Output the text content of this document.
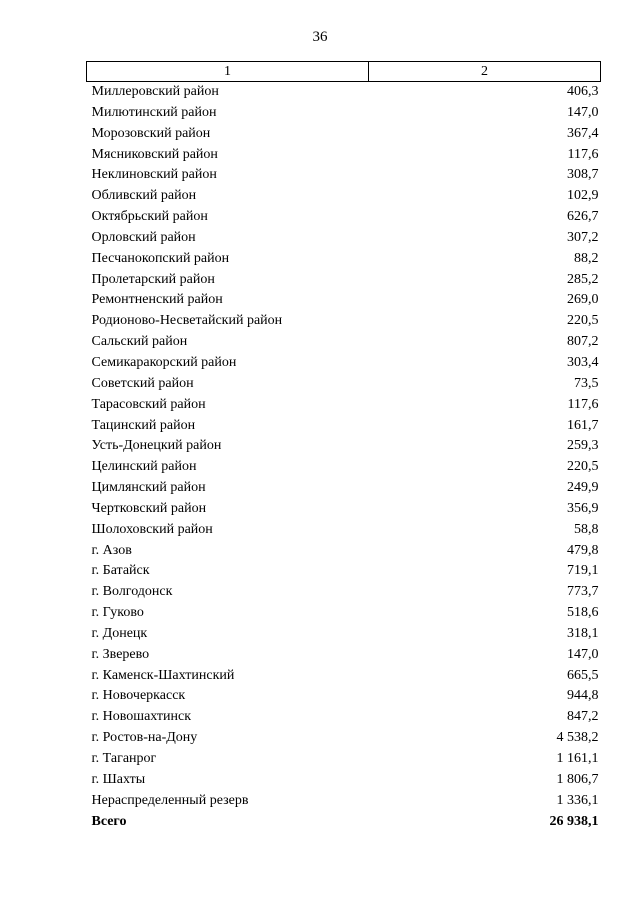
36
1	2
Миллеровский район	406,3
Милютинский район	147,0
Морозовский район	367,4
Мясниковский район	117,6
Неклиновский район	308,7
Обливский район	102,9
Октябрьский район	626,7
Орловский район	307,2
Песчанокопский район	88,2
Пролетарский район	285,2
Ремонтненский район	269,0
Родионово-Несветайский район	220,5
Сальский район	807,2
Семикаракорский район	303,4
Советский район	73,5
Тарасовский район	117,6
Тацинский район	161,7
Усть-Донецкий район	259,3
Целинский район	220,5
Цимлянский район	249,9
Чертковский район	356,9
Шолоховский район	58,8
г. Азов	479,8
г. Батайск	719,1
г. Волгодонск	773,7
г. Гуково	518,6
г. Донецк	318,1
г. Зверево	147,0
г. Каменск-Шахтинский	665,5
г. Новочеркасск	944,8
г. Новошахтинск	847,2
г. Ростов-на-Дону	4 538,2
г. Таганрог	1 161,1
г. Шахты	1 806,7
Нераспределенный резерв	1 336,1
Всего	26 938,1
